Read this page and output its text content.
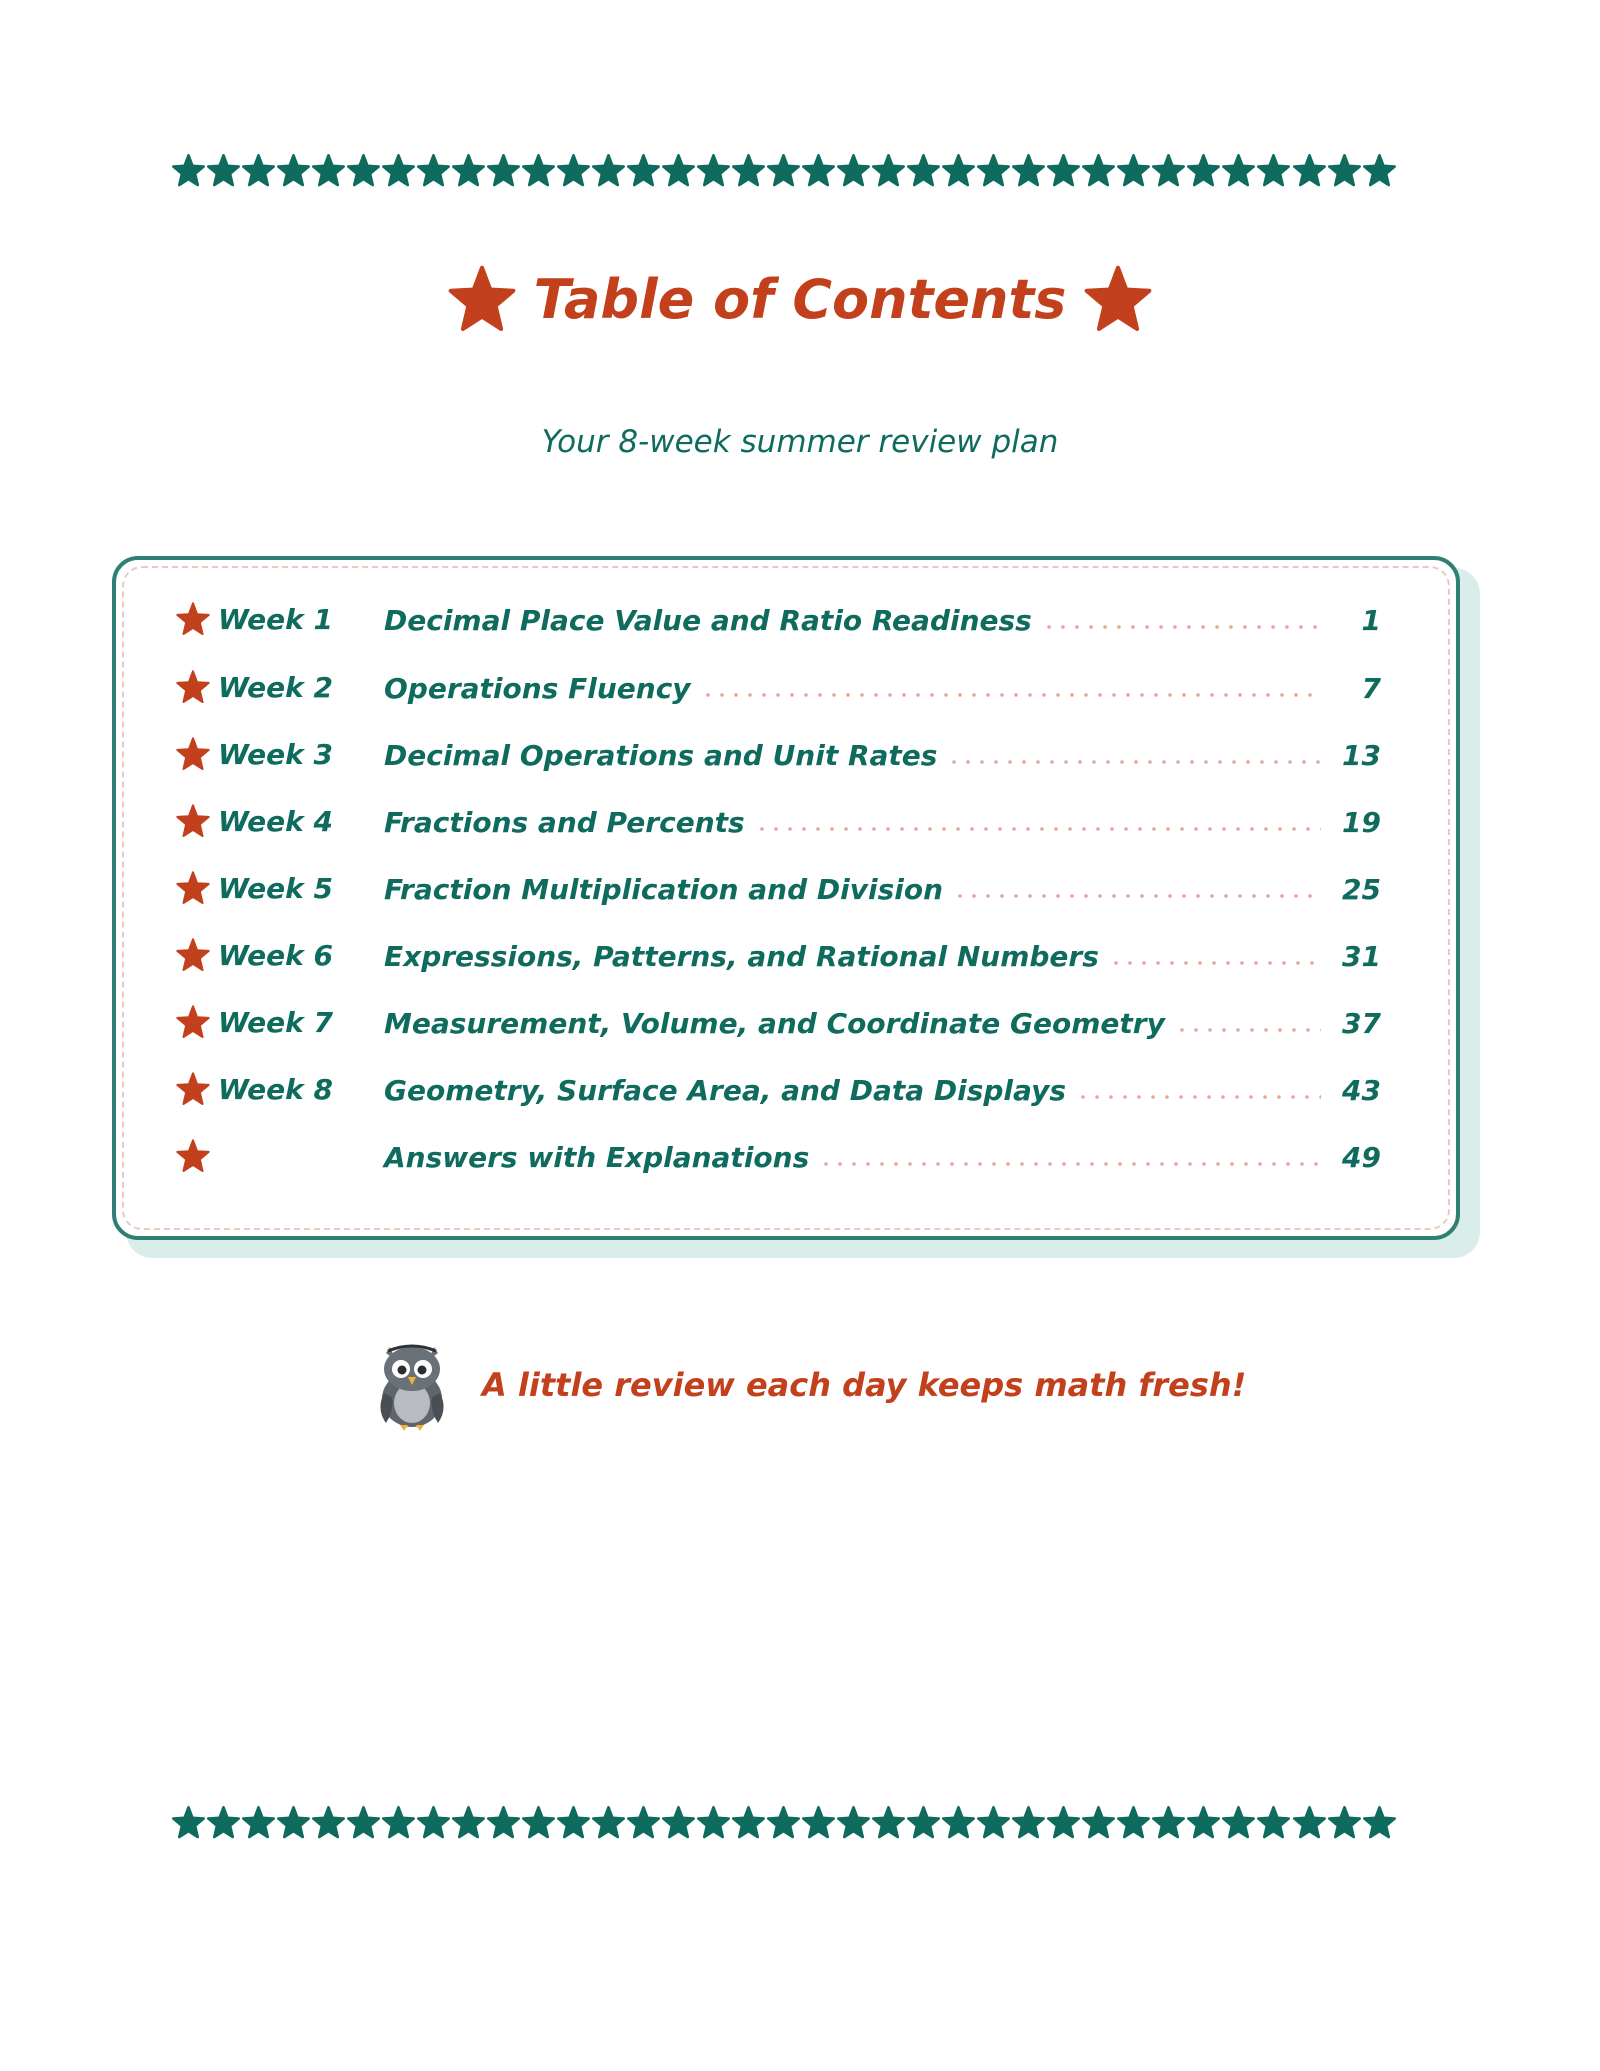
Table of Contents
Your 8-week summer review plan
Week 1 Decimal Place Value and Ratio Readiness	1
Week 2 Operations Fluency	7
Week 3 Decimal Operations and Unit Rates	13
Week 4 Fractions and Percents	19
Week 5 Fraction Multiplication and Division	25
Week 6 Expressions, Patterns, and Rational Numbers	31
Week 7 Measurement, Volume, and Coordinate Geometry	37
Week 8 Geometry, Surface Area, and Data Displays	43
Answers with Explanations	49
A little review each day keeps math fresh!
